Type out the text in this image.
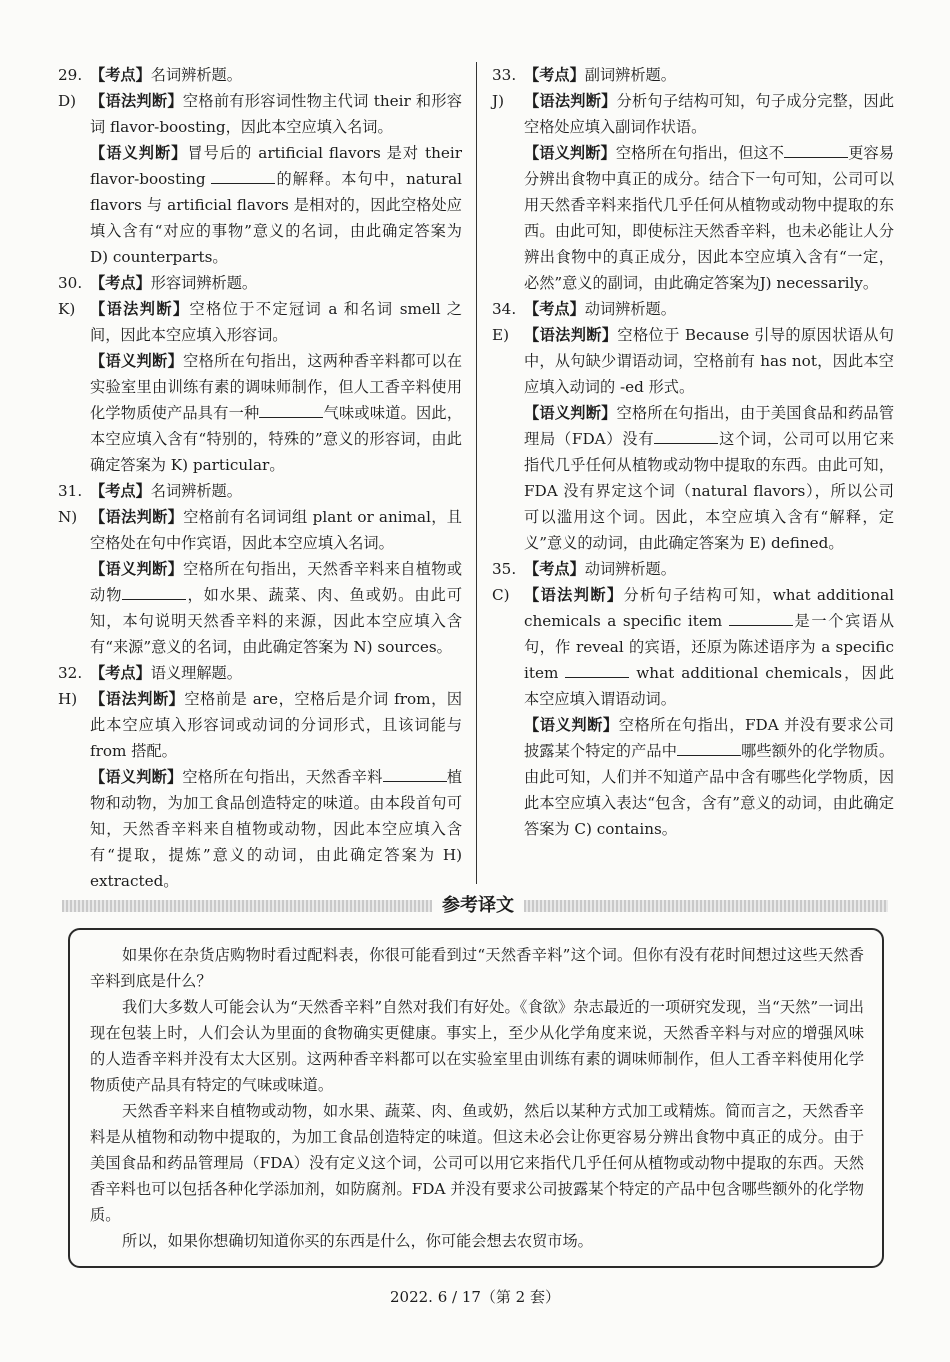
29. 【考点】名词辨析题。
D) 【语法判断】空格前有形容词性物主代词 their 和形容词 flavor-boosting，因此本空应填入名词。
【语义判断】冒号后的 artificial flavors 是对 their flavor-boosting	的解释。本句中，natural flavors 与 artificial flavors 是相对的，因此空格处应填入含有“对应的事物”意义的名词，由此确定答案为 D) counterparts。
30. 【考点】形容词辨析题。
K) 【语法判断】空格位于不定冠词 a 和名词 smell 之间，因此本空应填入形容词。
【语义判断】空格所在句指出，这两种香辛料都可以在实验室里由训练有素的调味师制作，但人工香辛料使用化学物质使产品具有一种	气味或味道。因此，本空应填入含有“特别的，特殊的”意义的形容词，由此确定答案为 K) particular。
31. 【考点】名词辨析题。
N) 【语法判断】空格前有名词词组 plant or animal，且空格处在句中作宾语，因此本空应填入名词。
【语义判断】空格所在句指出，天然香辛料来自植物或动物	，如水果、蔬菜、肉、鱼或奶。由此可知，本句说明天然香辛料的来源，因此本空应填入含有“来源”意义的名词，由此确定答案为 N) sources。
32. 【考点】语义理解题。
H) 【语法判断】空格前是 are，空格后是介词 from，因此本空应填入形容词或动词的分词形式，且该词能与 from 搭配。
【语义判断】空格所在句指出，天然香辛料	植物和动物，为加工食品创造特定的味道。由本段首句可知，天然香辛料来自植物或动物，因此本空应填入含有“提取，提炼”意义的动词，由此确定答案为 H) extracted。
33. 【考点】副词辨析题。
J)	【语法判断】分析句子结构可知，句子成分完整，因此空格处应填入副词作状语。
【语义判断】空格所在句指出，但这不	更容易分辨出食物中真正的成分。结合下一句可知，公司可以用天然香辛料来指代几乎任何从植物或动物中提取的东西。由此可知，即使标注天然香辛料，也未必能让人分辨出食物中的真正成分，因此本空应填入含有“一定，必然”意义的副词，由此确定答案为J) necessarily。
34. 【考点】动词辨析题。
E) 【语法判断】空格位于 Because 引导的原因状语从句中，从句缺少谓语动词，空格前有 has not，因此本空应填入动词的 -ed 形式。
【语义判断】空格所在句指出，由于美国食品和药品管理局（FDA）没有	这个词，公司可以用它来指代几乎任何从植物或动物中提取的东西。由此可知，FDA 没有界定这个词（natural flavors），所以公司可以滥用这个词。因此，本空应填入含有“解释，定义”意义的动词，由此确定答案为 E) defined。
35. 【考点】动词辨析题。
C) 【语法判断】分析句子结构可知，what additional chemicals a specific item	是一个宾语从句，作 reveal 的宾语，还原为陈述语序为 a specific item	what additional chemicals，因此本空应填入谓语动词。
【语义判断】空格所在句指出，FDA 并没有要求公司披露某个特定的产品中	哪些额外的化学物质。由此可知，人们并不知道产品中含有哪些化学物质，因此本空应填入表达“包含，含有”意义的动词，由此确定答案为 C) contains。
参考译文

如果你在杂货店购物时看过配料表，你很可能看到过“天然香辛料”这个词。但你有没有花时间想过这些天然香辛料到底是什么？

我们大多数人可能会认为“天然香辛料”自然对我们有好处。《食欲》杂志最近的一项研究发现，当“天然”一词出现在包装上时，人们会认为里面的食物确实更健康。事实上，至少从化学角度来说，天然香辛料与对应的增强风味的人造香辛料并没有太大区别。这两种香辛料都可以在实验室里由训练有素的调味师制作，但人工香辛料使用化学物质使产品具有特定的气味或味道。

天然香辛料来自植物或动物，如水果、蔬菜、肉、鱼或奶，然后以某种方式加工或精炼。简而言之，天然香辛料是从植物和动物中提取的，为加工食品创造特定的味道。但这未必会让你更容易分辨出食物中真正的成分。由于美国食品和药品管理局（FDA）没有定义这个词，公司可以用它来指代几乎任何从植物或动物中提取的东西。天然香辛料也可以包括各种化学添加剂，如防腐剂。FDA 并没有要求公司披露某个特定的产品中包含哪些额外的化学物质。

所以，如果你想确切知道你买的东西是什么，你可能会想去农贸市场。

2022. 6 / 17（第 2 套）
